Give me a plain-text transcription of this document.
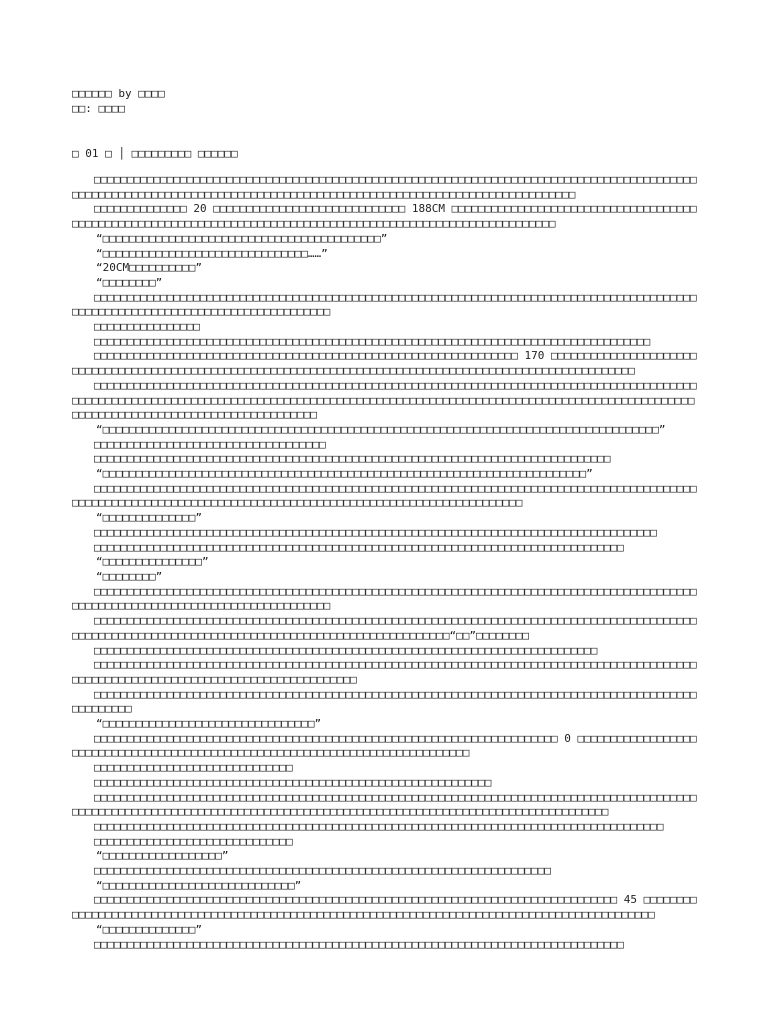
□□□□□□ by □□□□
□□: □□□□
□ 01 □ │ □□□□□□□□□ □□□□□□

□□□□□□□□□□□□□□□□□□□□□□□□□□□□□□□□□□□□□□□□□□□□□□□□□□□□□□□□□□□□□□□□□□□□□□□□□□□□□□□□□□□□□□□□□□□□□□□□□□□□□□□□□□□□□□□□□□□□□□□□□□□□□□□□□□□□□□□□□□□□□□□□□□□□□□□□□□□□□□□□□□□□□□□

□□□□□□□□□□□□□□ 20 □□□□□□□□□□□□□□□□□□□□□□□□□□□□□ 188CM □□□□□□□□□□□□□□□□□□□□□□□□□□□□□□□□□□□□□□□□□□□□□□□□□□□□□□□□□□□□□□□□□□□□□□□□□□□□□□□□□□□□□□□□□□□□□□□□□□□□□□□□□□□□□□

“□□□□□□□□□□□□□□□□□□□□□□□□□□□□□□□□□□□□□□□□□□”

“□□□□□□□□□□□□□□□□□□□□□□□□□□□□□□□……”

“20CM□□□□□□□□□□”

“□□□□□□□□”

□□□□□□□□□□□□□□□□□□□□□□□□□□□□□□□□□□□□□□□□□□□□□□□□□□□□□□□□□□□□□□□□□□□□□□□□□□□□□□□□□□□□□□□□□□□□□□□□□□□□□□□□□□□□□□□□□□□□□□□□□□□□□□□□□□

□□□□□□□□□□□□□□□□

□□□□□□□□□□□□□□□□□□□□□□□□□□□□□□□□□□□□□□□□□□□□□□□□□□□□□□□□□□□□□□□□□□□□□□□□□□□□□□□□□□□□

□□□□□□□□□□□□□□□□□□□□□□□□□□□□□□□□□□□□□□□□□□□□□□□□□□□□□□□□□□□□□□□□ 170 □□□□□□□□□□□□□□□□□□□□□□□□□□□□□□□□□□□□□□□□□□□□□□□□□□□□□□□□□□□□□□□□□□□□□□□□□□□□□□□□□□□□□□□□□□□□□□□□□□□□□□□□□□□

□□□□□□□□□□□□□□□□□□□□□□□□□□□□□□□□□□□□□□□□□□□□□□□□□□□□□□□□□□□□□□□□□□□□□□□□□□□□□□□□□□□□□□□□□□□□□□□□□□□□□□□□□□□□□□□□□□□□□□□□□□□□□□□□□□□□□□□□□□□□□□□□□□□□□□□□□□□□□□□□□□□□□□□□□□□□□□□□□□□□□□□□□□□□□□□□□□□□□□□□□□□□□□□□□□□□□□□□□□□□□□

“□□□□□□□□□□□□□□□□□□□□□□□□□□□□□□□□□□□□□□□□□□□□□□□□□□□□□□□□□□□□□□□□□□□□□□□□□□□□□□□□□□□□”

□□□□□□□□□□□□□□□□□□□□□□□□□□□□□□□□□□□

□□□□□□□□□□□□□□□□□□□□□□□□□□□□□□□□□□□□□□□□□□□□□□□□□□□□□□□□□□□□□□□□□□□□□□□□□□□□□□

“□□□□□□□□□□□□□□□□□□□□□□□□□□□□□□□□□□□□□□□□□□□□□□□□□□□□□□□□□□□□□□□□□□□□□□□□□”

□□□□□□□□□□□□□□□□□□□□□□□□□□□□□□□□□□□□□□□□□□□□□□□□□□□□□□□□□□□□□□□□□□□□□□□□□□□□□□□□□□□□□□□□□□□□□□□□□□□□□□□□□□□□□□□□□□□□□□□□□□□□□□□□□□□□□□□□□□□□□□□□□□□□□□□□□□□□□□□

“□□□□□□□□□□□□□□”

□□□□□□□□□□□□□□□□□□□□□□□□□□□□□□□□□□□□□□□□□□□□□□□□□□□□□□□□□□□□□□□□□□□□□□□□□□□□□□□□□□□□□

□□□□□□□□□□□□□□□□□□□□□□□□□□□□□□□□□□□□□□□□□□□□□□□□□□□□□□□□□□□□□□□□□□□□□□□□□□□□□□□□

“□□□□□□□□□□□□□□□”

“□□□□□□□□”

□□□□□□□□□□□□□□□□□□□□□□□□□□□□□□□□□□□□□□□□□□□□□□□□□□□□□□□□□□□□□□□□□□□□□□□□□□□□□□□□□□□□□□□□□□□□□□□□□□□□□□□□□□□□□□□□□□□□□□□□□□□□□□□□□□

□□□□□□□□□□□□□□□□□□□□□□□□□□□□□□□□□□□□□□□□□□□□□□□□□□□□□□□□□□□□□□□□□□□□□□□□□□□□□□□□□□□□□□□□□□□□□□□□□□□□□□□□□□□□□□□□□□□□□□□□□□□□□□□□□□□□□□□□□□□□□□□□□□□□“□□”□□□□□□□□

□□□□□□□□□□□□□□□□□□□□□□□□□□□□□□□□□□□□□□□□□□□□□□□□□□□□□□□□□□□□□□□□□□□□□□□□□□□□

□□□□□□□□□□□□□□□□□□□□□□□□□□□□□□□□□□□□□□□□□□□□□□□□□□□□□□□□□□□□□□□□□□□□□□□□□□□□□□□□□□□□□□□□□□□□□□□□□□□□□□□□□□□□□□□□□□□□□□□□□□□□□□□□□□□□□□

□□□□□□□□□□□□□□□□□□□□□□□□□□□□□□□□□□□□□□□□□□□□□□□□□□□□□□□□□□□□□□□□□□□□□□□□□□□□□□□□□□□□□□□□□□□□□□□□□□□□

“□□□□□□□□□□□□□□□□□□□□□□□□□□□□□□□□”

□□□□□□□□□□□□□□□□□□□□□□□□□□□□□□□□□□□□□□□□□□□□□□□□□□□□□□□□□□□□□□□□□□□□□□ 0 □□□□□□□□□□□□□□□□□□□□□□□□□□□□□□□□□□□□□□□□□□□□□□□□□□□□□□□□□□□□□□□□□□□□□□□□□□□□□□

□□□□□□□□□□□□□□□□□□□□□□□□□□□□□□

□□□□□□□□□□□□□□□□□□□□□□□□□□□□□□□□□□□□□□□□□□□□□□□□□□□□□□□□□□□□

□□□□□□□□□□□□□□□□□□□□□□□□□□□□□□□□□□□□□□□□□□□□□□□□□□□□□□□□□□□□□□□□□□□□□□□□□□□□□□□□□□□□□□□□□□□□□□□□□□□□□□□□□□□□□□□□□□□□□□□□□□□□□□□□□□□□□□□□□□□□□□□□□□□□□□□□□□□□□□□□□□□□□□□□□□□□

□□□□□□□□□□□□□□□□□□□□□□□□□□□□□□□□□□□□□□□□□□□□□□□□□□□□□□□□□□□□□□□□□□□□□□□□□□□□□□□□□□□□□□

□□□□□□□□□□□□□□□□□□□□□□□□□□□□□□

“□□□□□□□□□□□□□□□□□□”

□□□□□□□□□□□□□□□□□□□□□□□□□□□□□□□□□□□□□□□□□□□□□□□□□□□□□□□□□□□□□□□□□□□□□

“□□□□□□□□□□□□□□□□□□□□□□□□□□□□□”

□□□□□□□□□□□□□□□□□□□□□□□□□□□□□□□□□□□□□□□□□□□□□□□□□□□□□□□□□□□□□□□□□□□□□□□□□□□□□□□ 45 □□□□□□□□□□□□□□□□□□□□□□□□□□□□□□□□□□□□□□□□□□□□□□□□□□□□□□□□□□□□□□□□□□□□□□□□□□□□□□□□□□□□□□□□□□□□□□□□

“□□□□□□□□□□□□□□”

□□□□□□□□□□□□□□□□□□□□□□□□□□□□□□□□□□□□□□□□□□□□□□□□□□□□□□□□□□□□□□□□□□□□□□□□□□□□□□□□
